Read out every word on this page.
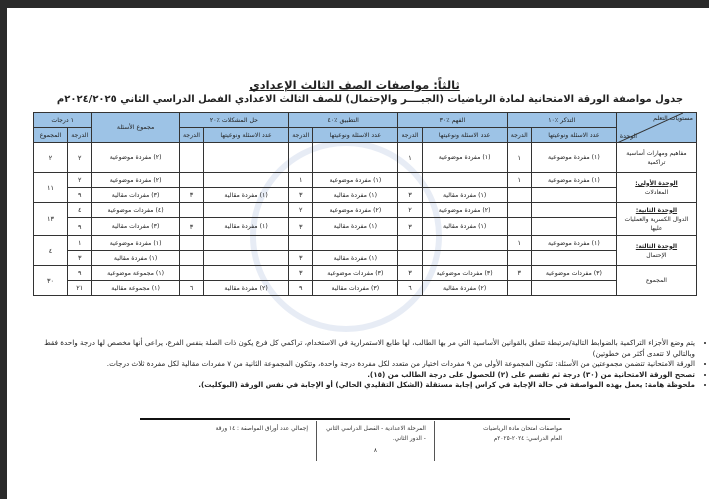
ثالثاً: مواصفات الصف الثالث الإعدادي
جدول مواصفة الورقة الامتحانية لمادة الرياضيات (الجبــــر والإحتمال) للصف الثالث الاعدادي الفصل الدراسي الثاني ٢٠٢٤/٢٠٢٥م
مستويات التعلم
الوحدة	التذكر ٪١٠		الفهم ٪٣٠		التطبيق ٪٤٠		حل المشكلات ٪٢٠		مجموع الأسئلة	١ درجات	
	عدد الاسئلة ونوعيتها	الدرجة	عدد الاسئلة ونوعيتها	الدرجة	عدد الاسئلة ونوعيتها	الدرجة	عدد الاسئلة ونوعيتها	الدرجة		الدرجة	المجموع
مفاهيم ومهارات أساسية تراكمية	(١) مفردة موضوعية	١	(١) مفردة موضوعية	١					(٢) مفردة موضوعية	٢	٢

الوحدة الأولى:
المعادلات	(١) مفردة موضوعية	١			(١) مفردة موضوعية	١			(٢) مفردة موضوعية	٢	١١
			(١) مفردة مقالية	٣	(١) مفردة مقالية	٣	(١) مفردة مقالية	٣	(٣) مفردات مقالية	٩	

الوحدة الثانية:
الدوال الكسرية والعمليات عليها			(٢) مفردة موضوعية	٢	(٢) مفردة موضوعية	٢			(٤) مفردات موضوعية	٤	١٣
			(١) مفردة مقالية	٣	(١) مفردة مقالية	٣	(١) مفردة مقالية	٣	(٣) مفردات مقالية	٩	

الوحدة الثالثة:
الإحتمال	(١) مفردة موضوعية	١							(١) مفردة موضوعية	١	٤
					(١) مفردة مقالية	٣			(١) مفردة مقالية	٣	
المجموع	(٣) مفردات موضوعية	٣	(٣) مفردات موضوعية	٣	(٣) مفردات موضوعية	٣			(١) مجموعة موضوعية	٩	٣٠
			(٢) مفردة مقالية	٦	(٣) مفردات مقالية	٩	(٢) مفردة مقالية	٦	(١) مجموعة مقالية	٢١	
• يتم وضع الأجزاء التراكمية بالضوابط التالية/مرتبطة تتعلق بالقوانين الأساسية التي مر بها الطالب، لها طابع الاستمرارية في الاستخدام، تراكمي كل فرع يكون ذات الصلة بنفس الفرع، يراعى أنها مخصص لها درجة واحدة فقط وبالتالي لا تتعدى أكثر من خطوتين)
• الورقة الامتحانية تتضمن مجموعتين من الأسئلة: تتكون المجموعة الأولى من ٩ مفردات اختيار من متعدد لكل مفردة درجة واحدة، وتتكون المجموعة الثانية من ٧ مفردات مقالية لكل مفردة ثلاث درجات.
• تصحح الورقة الامتحانية من (٣٠) درجة ثم تقسم على (٢) للحصول على درجة الطالب من (١٥).
• ملحوظة هامة: يعمل بهذه المواصفة في حالة الإجابة في كراس إجابة مستقلة (الشكل التقليدي الحالي) أو الإجابة في نفس الورقة (البوكليت).
مواصفات امتحان مادة الرياضيات
العام الدراسي: ٢٠٢٤-٢٠٢٥م
المرحلة الاعدادية - الفصل الدراسي الثاني
- الدور الثاني.
٨
إجمالي عدد أوراق المواصفة : ١٤ ورقة
